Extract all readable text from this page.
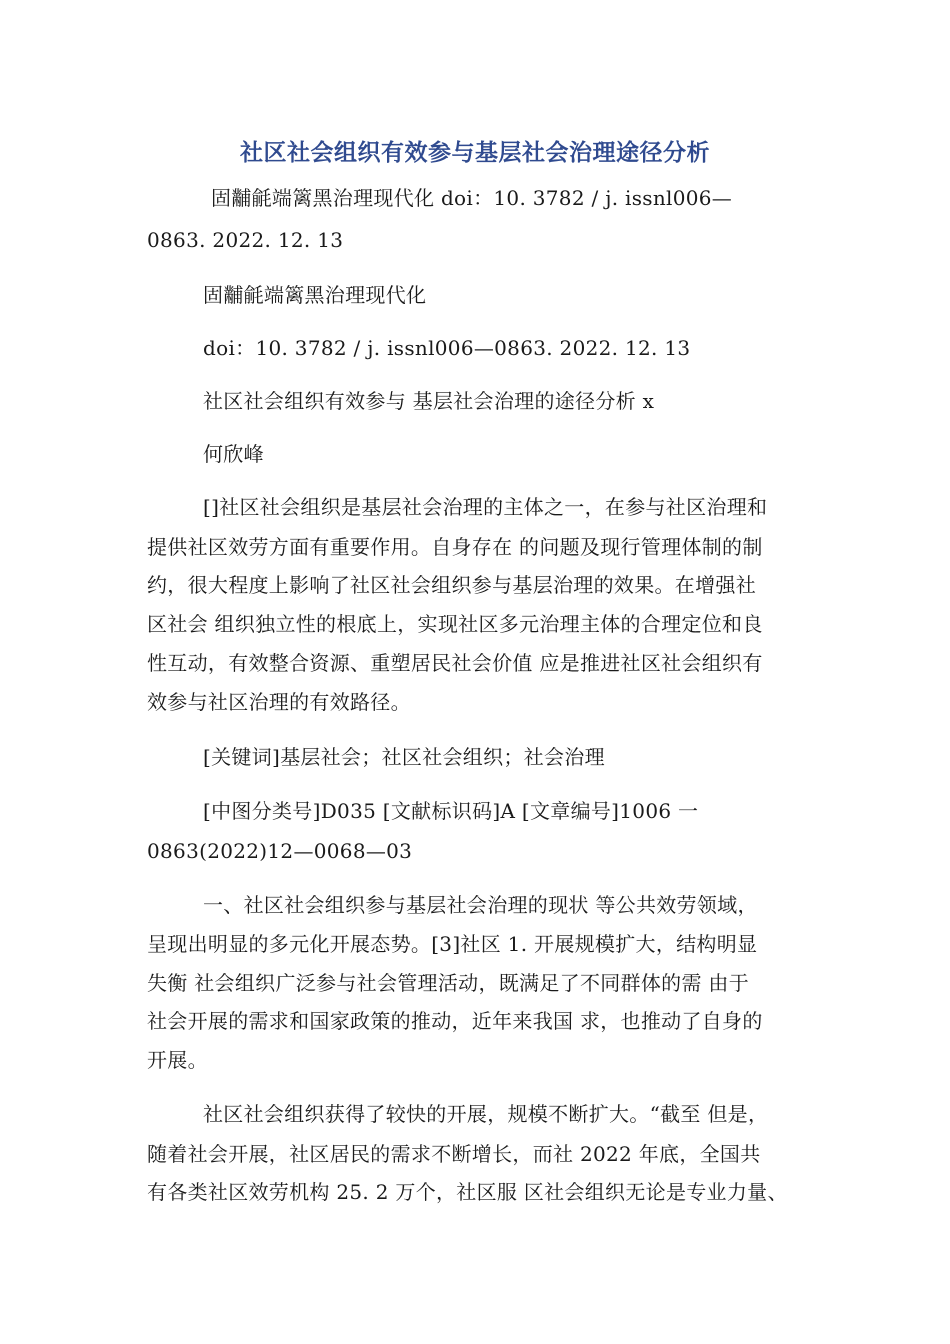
社区社会组织有效参与基层社会治理途径分析
固黼毹端篱黑治理现代化 doi：10. 3782 / j. issnl006—
0863. 2022. 12. 13
固黼毹端篱黑治理现代化
doi：10. 3782 / j. issnl006—0863. 2022. 12. 13
社区社会组织有效参与 基层社会治理的途径分析 x
何欣峰
[]社区社会组织是基层社会治理的主体之一，在参与社区治理和
提供社区效劳方面有重要作用。自身存在 的问题及现行管理体制的制
约，很大程度上影响了社区社会组织参与基层治理的效果。在增强社
区社会 组织独立性的根底上，实现社区多元治理主体的合理定位和良
性互动，有效整合资源、重塑居民社会价值 应是推进社区社会组织有
效参与社区治理的有效路径。
[关键词]基层社会；社区社会组织；社会治理
[中图分类号]D035 [文献标识码]A [文章编号]1006 一
0863(2022)12—0068—03
一、社区社会组织参与基层社会治理的现状 等公共效劳领域，
呈现出明显的多元化开展态势。[3]社区 1. 开展规模扩大，结构明显
失衡 社会组织广泛参与社会管理活动，既满足了不同群体的需 由于
社会开展的需求和国家政策的推动，近年来我国 求，也推动了自身的
开展。
社区社会组织获得了较快的开展，规模不断扩大。“截至 但是，
随着社会开展，社区居民的需求不断增长，而社 2022 年底，全国共
有各类社区效劳机构 25. 2 万个，社区服 区社会组织无论是专业力量、
